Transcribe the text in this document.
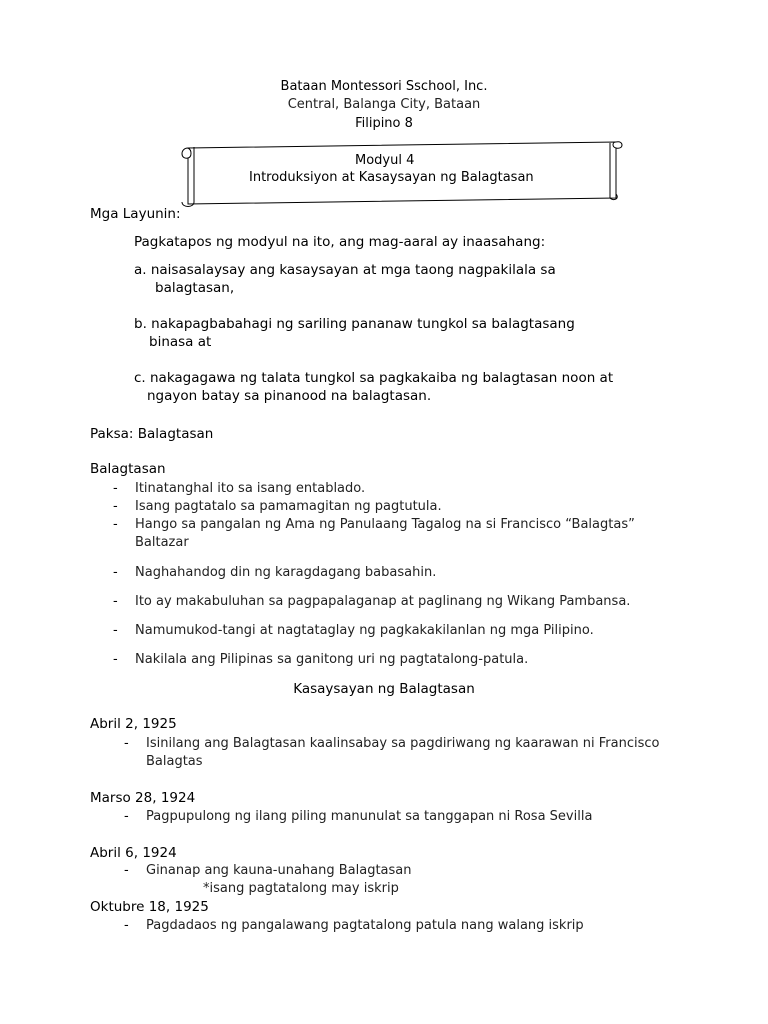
Bataan Montessori Sschool, Inc.
Central, Balanga City, Bataan
Filipino 8
Modyul 4
Introduksiyon at Kasaysayan ng Balagtasan
Mga Layunin:
Pagkatapos ng modyul na ito, ang mag-aaral ay inaasahang:
a. naisasalaysay ang kasaysayan at mga taong nagpakilala sa
balagtasan,
b. nakapagbabahagi ng sariling pananaw tungkol sa balagtasang
binasa at
c. nakagagawa ng talata tungkol sa pagkakaiba ng balagtasan noon at
ngayon batay sa pinanood na balagtasan.
Paksa: Balagtasan
Balagtasan
- Itinatanghal ito sa isang entablado.
- Isang pagtatalo sa pamamagitan ng pagtutula.
- Hango sa pangalan ng Ama ng Panulaang Tagalog na si Francisco “Balagtas”
Baltazar
- Naghahandog din ng karagdagang babasahin.
- Ito ay makabuluhan sa pagpapalaganap at paglinang ng Wikang Pambansa.
- Namumukod-tangi at nagtataglay ng pagkakakilanlan ng mga Pilipino.
- Nakilala ang Pilipinas sa ganitong uri ng pagtatalong-patula.
Kasaysayan ng Balagtasan
Abril 2, 1925
- Isinilang ang Balagtasan kaalinsabay sa pagdiriwang ng kaarawan ni Francisco
Balagtas
Marso 28, 1924
- Pagpupulong ng ilang piling manunulat sa tanggapan ni Rosa Sevilla
Abril 6, 1924
- Ginanap ang kauna-unahang Balagtasan
*isang pagtatalong may iskrip
Oktubre 18, 1925
- Pagdadaos ng pangalawang pagtatalong patula nang walang iskrip
